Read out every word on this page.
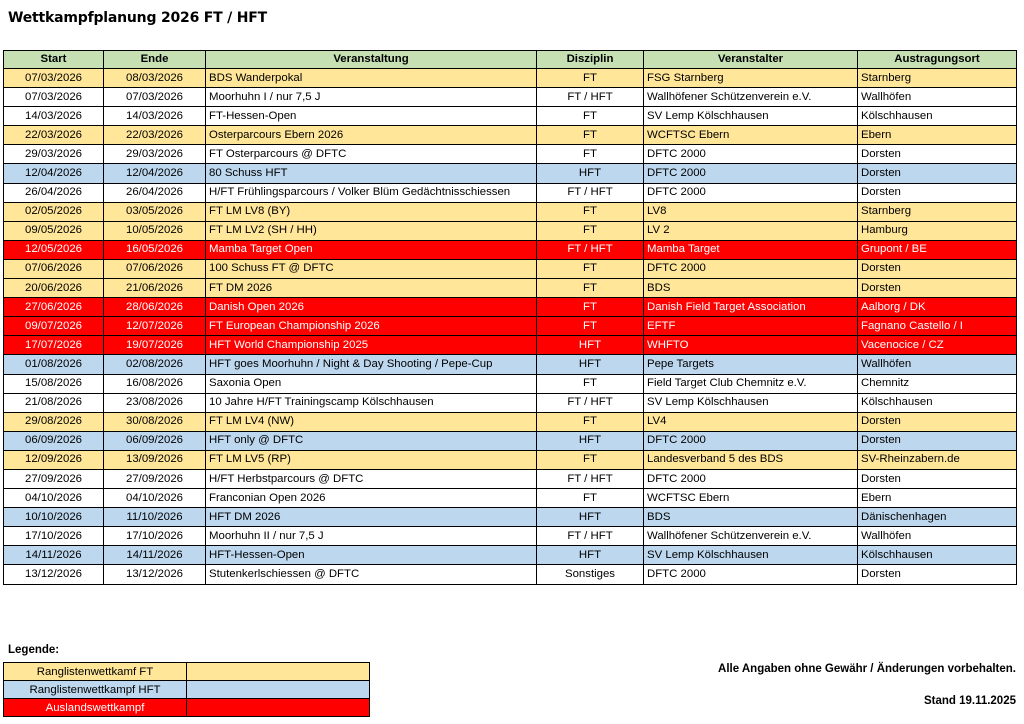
Wettkampfplanung 2026 FT / HFT
Start	Ende	Veranstaltung	Disziplin	Veranstalter	Austragungsort
07/03/2026	08/03/2026	BDS Wanderpokal	FT	FSG Starnberg	Starnberg
07/03/2026	07/03/2026	Moorhuhn I / nur 7,5 J	FT / HFT	Wallhöfener Schützenverein e.V.	Wallhöfen
14/03/2026	14/03/2026	FT-Hessen-Open	FT	SV Lemp Kölschhausen	Kölschhausen
22/03/2026	22/03/2026	Osterparcours Ebern 2026	FT	WCFTSC Ebern	Ebern
29/03/2026	29/03/2026	FT Osterparcours @ DFTC	FT	DFTC 2000	Dorsten
12/04/2026	12/04/2026	80 Schuss HFT	HFT	DFTC 2000	Dorsten
26/04/2026	26/04/2026	H/FT Frühlingsparcours / Volker Blüm Gedächtnisschiessen	FT / HFT	DFTC 2000	Dorsten
02/05/2026	03/05/2026	FT LM LV8 (BY)	FT	LV8	Starnberg
09/05/2026	10/05/2026	FT LM LV2 (SH / HH)	FT	LV 2	Hamburg
12/05/2026	16/05/2026	Mamba Target Open	FT / HFT	Mamba Target	Grupont / BE
07/06/2026	07/06/2026	100 Schuss FT @ DFTC	FT	DFTC 2000	Dorsten
20/06/2026	21/06/2026	FT DM 2026	FT	BDS	Dorsten
27/06/2026	28/06/2026	Danish Open 2026	FT	Danish Field Target Association	Aalborg / DK
09/07/2026	12/07/2026	FT European Championship 2026	FT	EFTF	Fagnano Castello / I
17/07/2026	19/07/2026	HFT World Championship 2025	HFT	WHFTO	Vacenocice / CZ
01/08/2026	02/08/2026	HFT goes Moorhuhn / Night & Day Shooting / Pepe-Cup	HFT	Pepe Targets	Wallhöfen
15/08/2026	16/08/2026	Saxonia Open	FT	Field Target Club Chemnitz e.V.	Chemnitz
21/08/2026	23/08/2026	10 Jahre H/FT Trainingscamp Kölschhausen	FT / HFT	SV Lemp Kölschhausen	Kölschhausen
29/08/2026	30/08/2026	FT LM LV4 (NW)	FT	LV4	Dorsten
06/09/2026	06/09/2026	HFT only @ DFTC	HFT	DFTC 2000	Dorsten
12/09/2026	13/09/2026	FT LM LV5 (RP)	FT	Landesverband 5 des BDS	SV-Rheinzabern.de
27/09/2026	27/09/2026	H/FT Herbstparcours @ DFTC	FT / HFT	DFTC 2000	Dorsten
04/10/2026	04/10/2026	Franconian Open 2026	FT	WCFTSC Ebern	Ebern
10/10/2026	11/10/2026	HFT DM 2026	HFT	BDS	Dänischenhagen
17/10/2026	17/10/2026	Moorhuhn II / nur 7,5 J	FT / HFT	Wallhöfener Schützenverein e.V.	Wallhöfen
14/11/2026	14/11/2026	HFT-Hessen-Open	HFT	SV Lemp Kölschhausen	Kölschhausen
13/12/2026	13/12/2026	Stutenkerlschiessen @ DFTC	Sonstiges	DFTC 2000	Dorsten
Legende:
Ranglistenwettkamf FT	
Ranglistenwettkampf HFT	
Auslandswettkampf	
Alle Angaben ohne Gewähr / Änderungen vorbehalten.
Stand 19.11.2025
